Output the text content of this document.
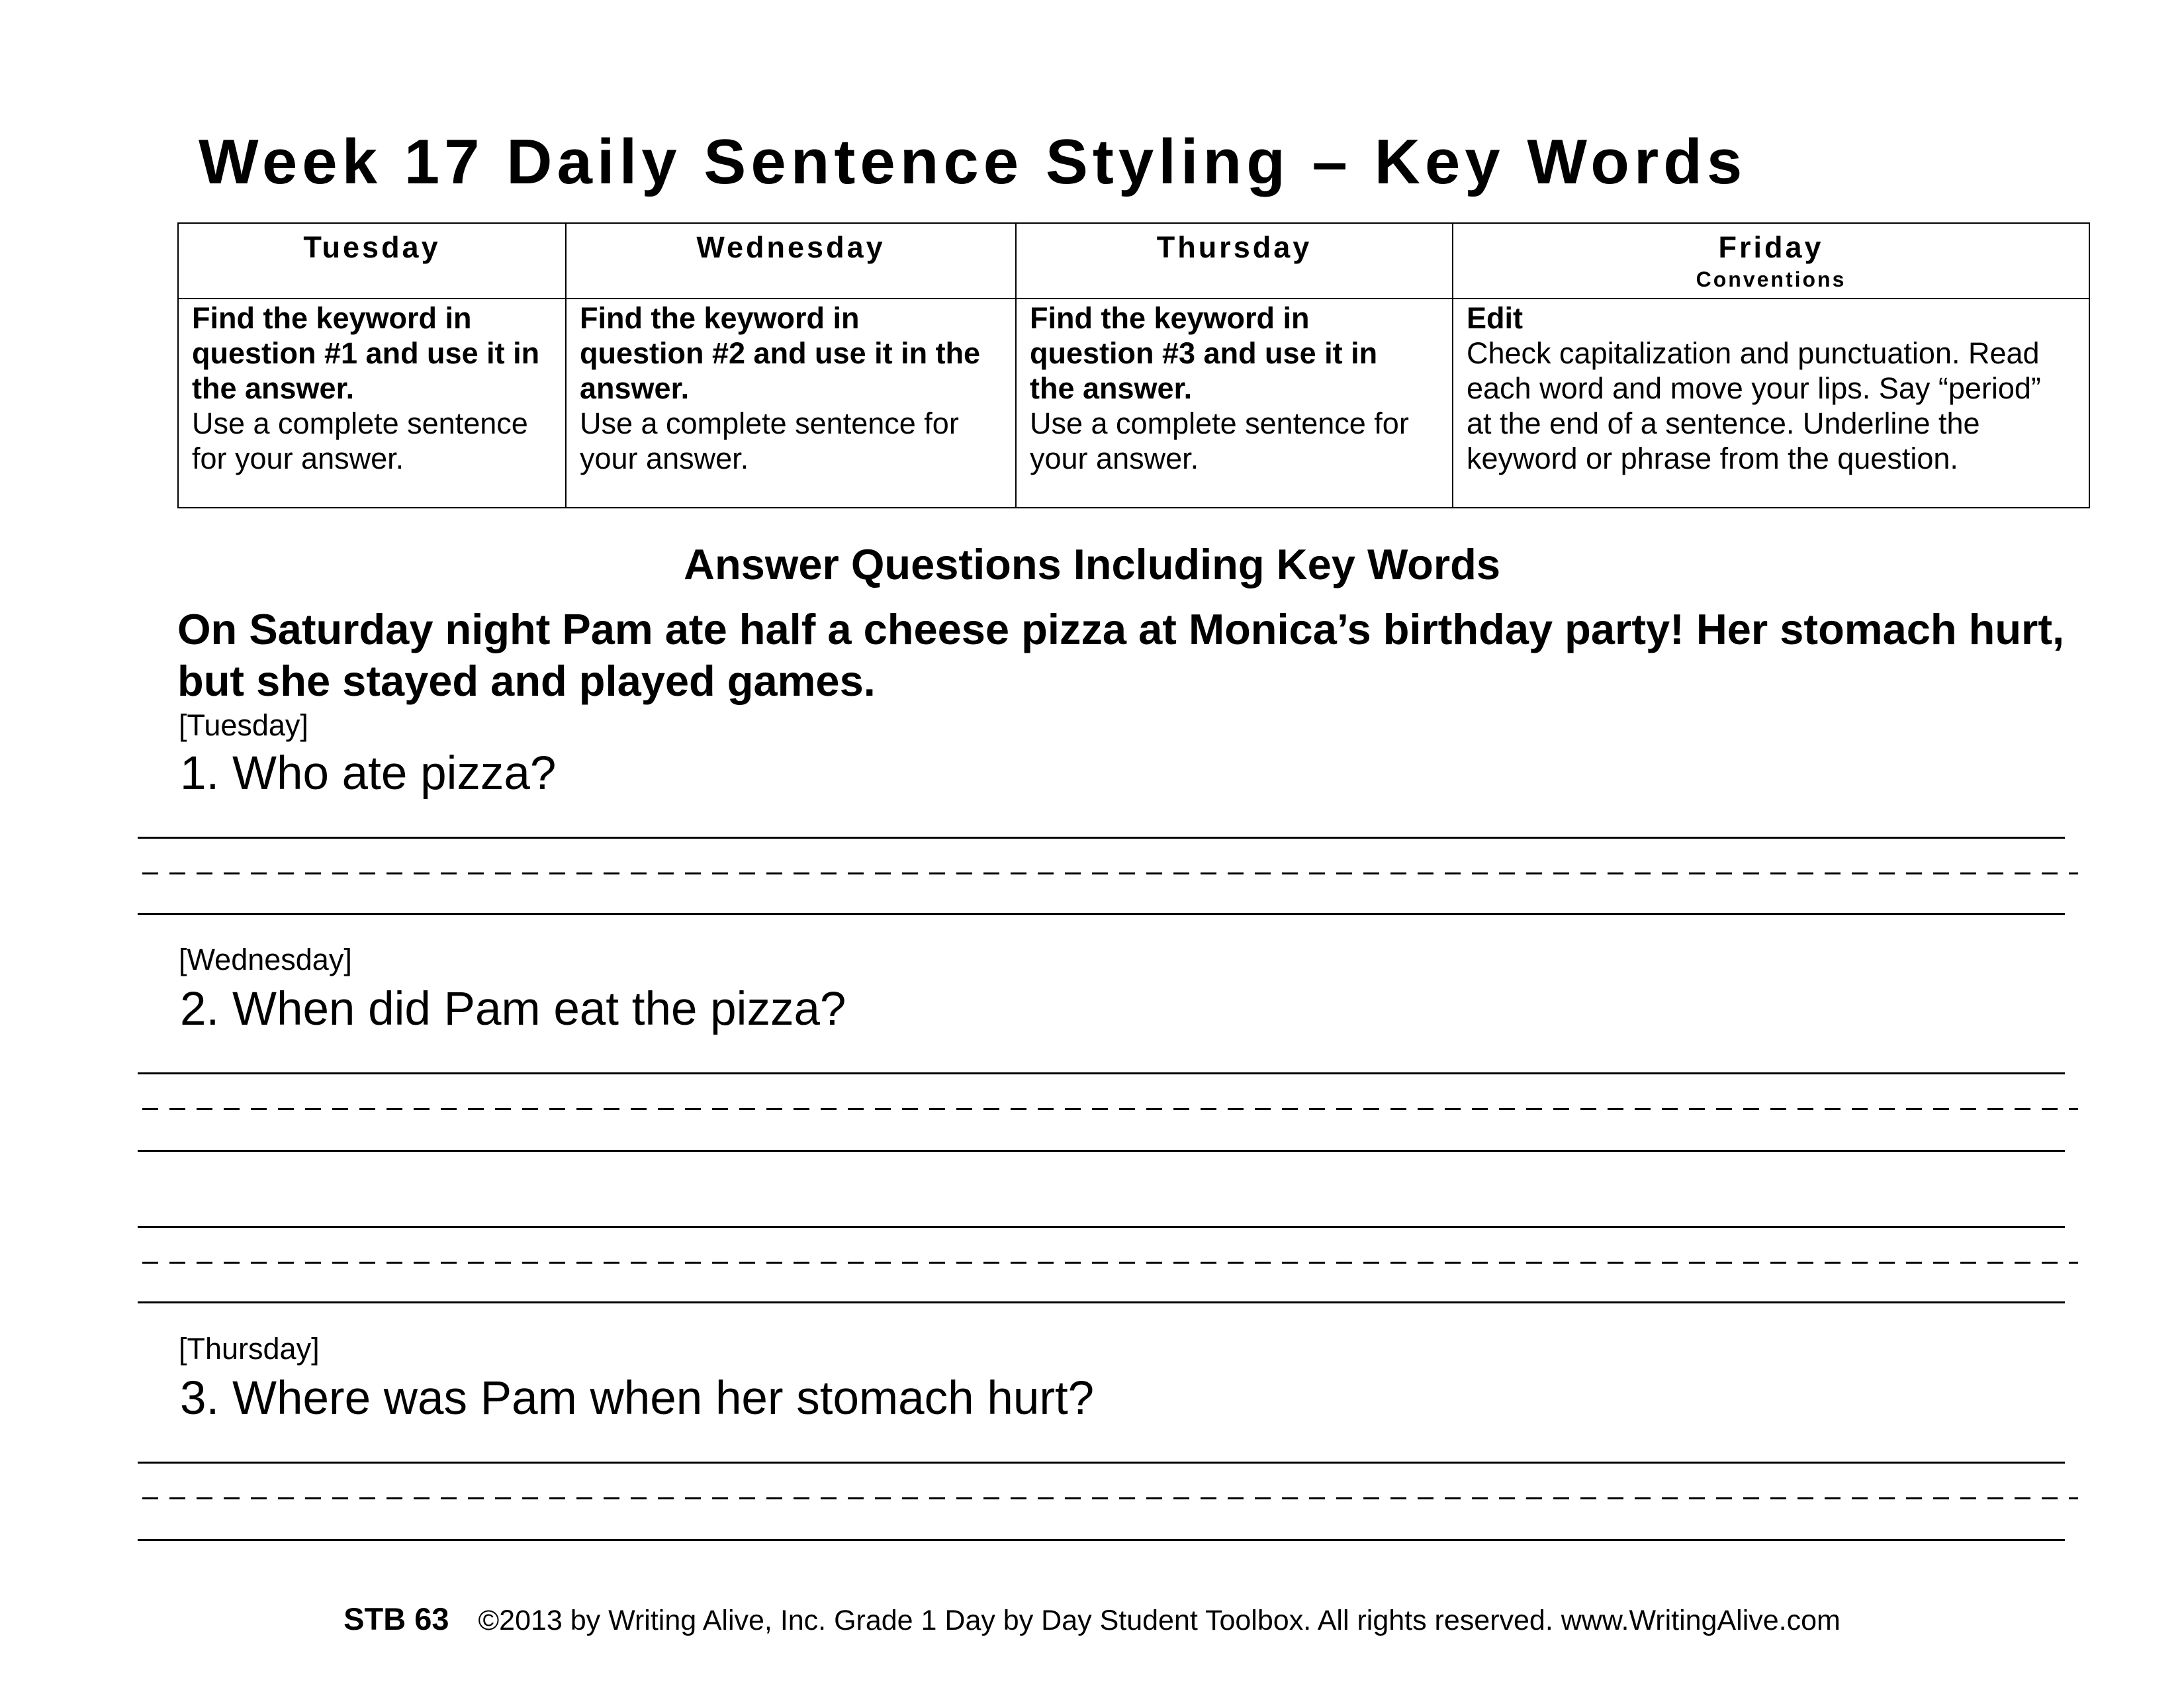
Week 17 Daily Sentence Styling – Key Words
Tuesday	Wednesday	Thursday	Friday
Conventions

Find the keyword in
question #1 and use it in
the answer.
Use a complete sentence
for your answer.	Find the keyword in
question #2 and use it in the
answer.
Use a complete sentence for
your answer.	Find the keyword in
question #3 and use it in
the answer.
Use a complete sentence for
your answer.	Edit
Check capitalization and punctuation. Read
each word and move your lips. Say “period”
at the end of a sentence. Underline the
keyword or phrase from the question.
Answer Questions Including Key Words
On Saturday night Pam ate half a cheese pizza at Monica’s birthday party! Her stomach hurt, but she stayed and played games.
[Tuesday]
1. Who ate pizza?
[Wednesday]
2. When did Pam eat the pizza?
[Thursday]
3. Where was Pam when her stomach hurt?
STB 63 ©2013 by Writing Alive, Inc. Grade 1 Day by Day Student Toolbox. All rights reserved. www.WritingAlive.com
